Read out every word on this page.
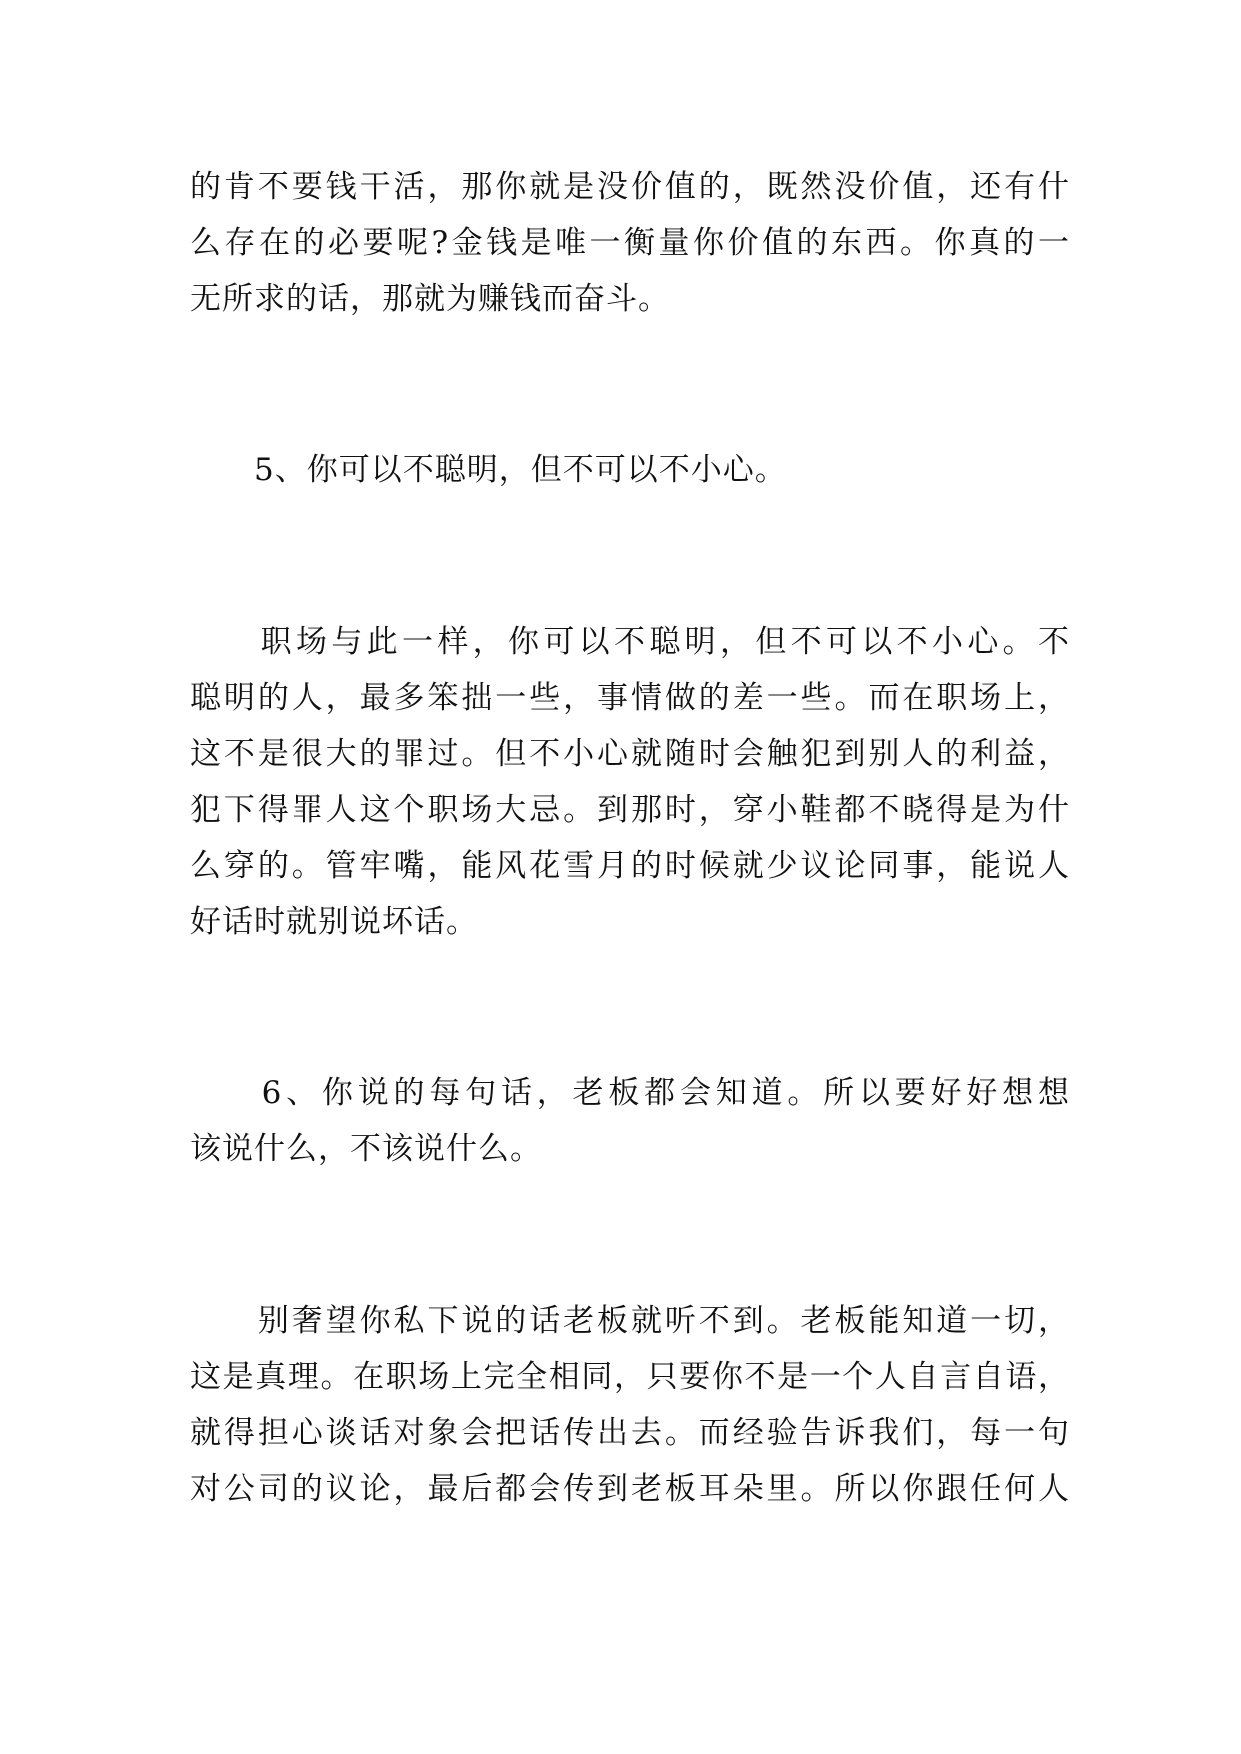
的肯不要钱干活，那你就是没价值的，既然没价值，还有什

么存在的必要呢?金钱是唯一衡量你价值的东西。你真的一

无所求的话，那就为赚钱而奋斗。

　　5、你可以不聪明，但不可以不小心。

　　职场与此一样，你可以不聪明，但不可以不小心。不

聪明的人，最多笨拙一些，事情做的差一些。而在职场上，

这不是很大的罪过。但不小心就随时会触犯到别人的利益，

犯下得罪人这个职场大忌。到那时，穿小鞋都不晓得是为什

么穿的。管牢嘴，能风花雪月的时候就少议论同事，能说人

好话时就别说坏话。

　　6、你说的每句话，老板都会知道。所以要好好想想

该说什么，不该说什么。

　　别奢望你私下说的话老板就听不到。老板能知道一切，

这是真理。在职场上完全相同，只要你不是一个人自言自语，

就得担心谈话对象会把话传出去。而经验告诉我们，每一句

对公司的议论，最后都会传到老板耳朵里。所以你跟任何人
